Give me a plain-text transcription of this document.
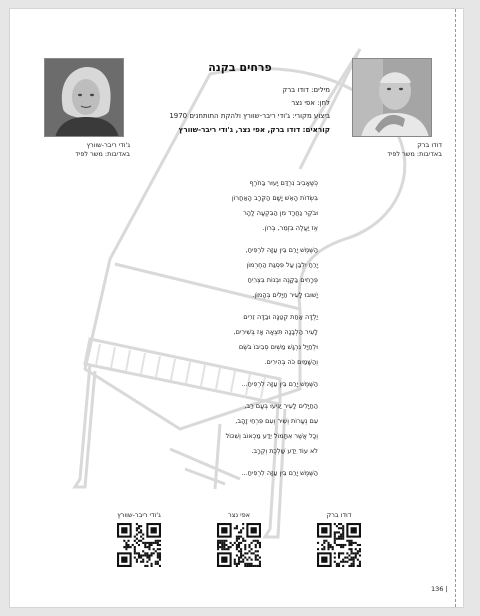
ג'ודי ריבר-שוורץ
באדיבות: משר לפיד
דודו ברק
באדיבות: משר לפיד
פרחים בקנה
מילים: דודו ברק
לחן: אפי נצר
ביצוע מקורי: ג'ודי ריבר-שוורץ ולהקת התותחנים 1970
קוראים: דודו ברק, אפי נצר, ג'ודי ריבר-שוורץ
כְּשֶׁאָבִיב נִרְדַּם יָעוּר בַּחֹרֶף
בִּשְׂדוֹת הָאֵשׁ יָשָׁם הַקְּרָב הָאַחֲרוֹן
וּבֹקֶר נַחֲרָד מִן הַבִּקְעָה לָהָר
אֶז יַעֲלֶה בִּזְמֵר, בְּרוֹן.
הַשֶּׁמֶשׁ יָרֵם בֵּין עַזָּה לִרְפִיחַ,
יָרֵחַ יִלְבַּן עַל פִּסְגַּת הַחֶרְמוֹן
פְּרָחִים בַּקָּנֶה וּבְנוֹת בִּצְרִיחַ
יָשׁוּבוּ לָעִיר חַיָּלִים בְּהָמוֹן.
יַלְדָּה אַחַת קְטַנָּה וּבַדָּה זֵרִים
לָעִיר הַלְבָנָה תִּצְאָה אָז בְּשִׁירִים,
וּלְחַיָּל נִרְגָּשׁ מַשְׁיִם סְבִיבוֹ בֹּשֶׂם
וְהַשָּׁמַיִם כֹּה בְּהִירִים.
הַשֶּׁמֶשׁ יָרֵם בֵּין עַזָּה לִרְפִיחַ...
הַחַיָּלִים לָעִיר יַגִּיעוּ בְּעָם רַב,
עִם נְעָרוֹת וְשִׁיר וְעִם פִּרְחֵי זָהָב,
וְכָל אֲשֶׁר אִתָּמוֹל יֵדַע מַכְאוֹב וְשִׁכּוֹל
לֹא עוֹד יֵדַע שַׁלְכֶת וְקְרָב.
הַשֶּׁמֶשׁ יָרֵם בֵּין עַזָּה לִרְפִיחַ...
ג'ודי ריבר-שוורץ	אפי נצר	דודו ברק
136 |
